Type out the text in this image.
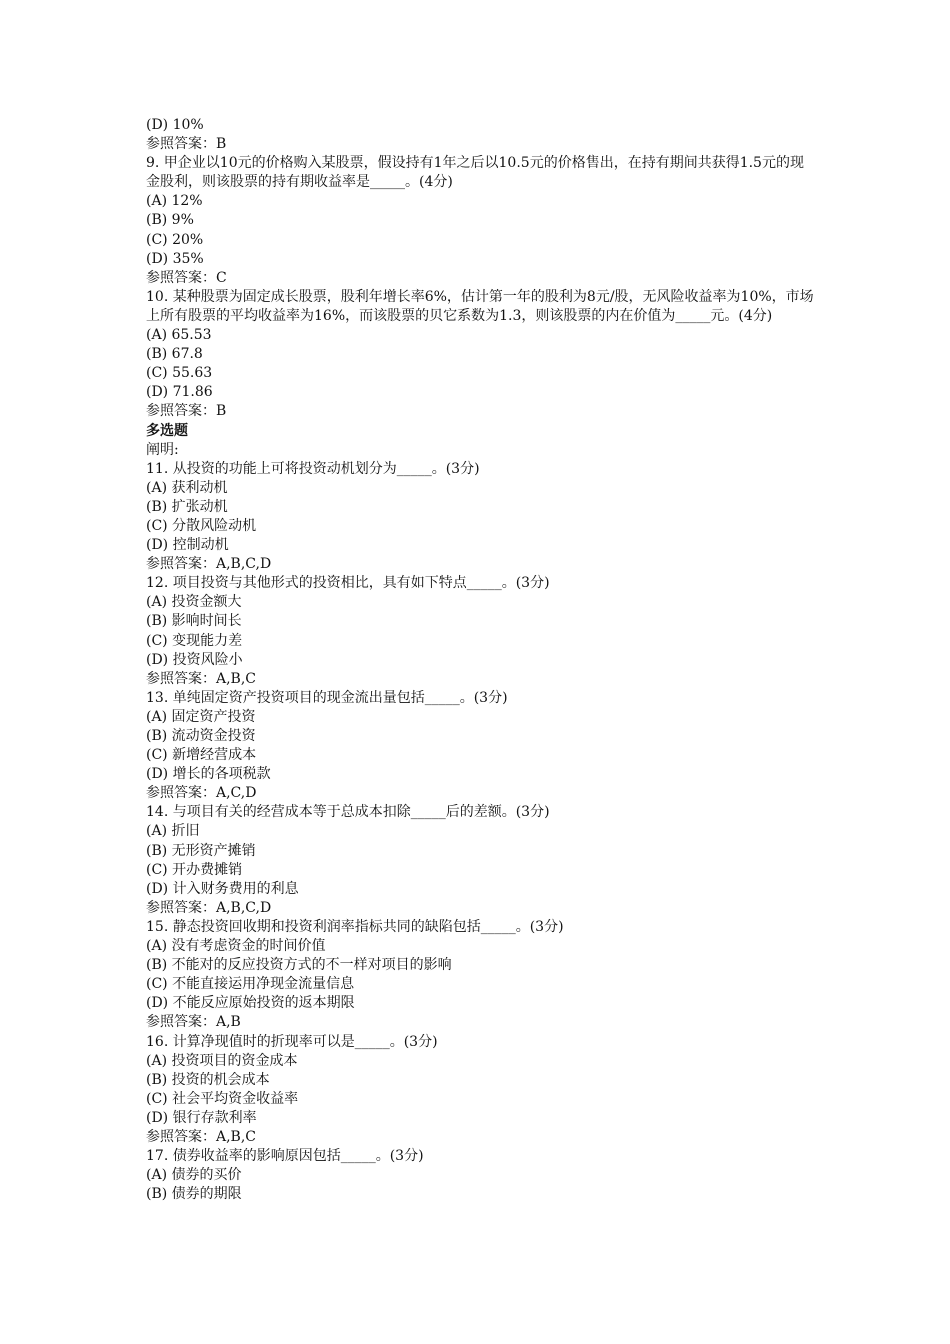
(D) 10%
参照答案：B
9. 甲企业以10元的价格购入某股票，假设持有1年之后以10.5元的价格售出，在持有期间共获得1.5元的现金股利，则该股票的持有期收益率是_____。(4分)
(A) 12%
(B) 9%
(C) 20%
(D) 35%
参照答案：C
10. 某种股票为固定成长股票，股利年增长率6%，估计第一年的股利为8元/股，无风险收益率为10%，市场上所有股票的平均收益率为16%，而该股票的贝它系数为1.3，则该股票的内在价值为_____元。(4分)
(A) 65.53
(B) 67.8
(C) 55.63
(D) 71.86
参照答案：B
多选题
阐明:
11. 从投资的功能上可将投资动机划分为_____。(3分)
(A) 获利动机
(B) 扩张动机
(C) 分散风险动机
(D) 控制动机
参照答案：A,B,C,D
12. 项目投资与其他形式的投资相比，具有如下特点_____。(3分)
(A) 投资金额大
(B) 影响时间长
(C) 变现能力差
(D) 投资风险小
参照答案：A,B,C
13. 单纯固定资产投资项目的现金流出量包括_____。(3分)
(A) 固定资产投资
(B) 流动资金投资
(C) 新增经营成本
(D) 增长的各项税款
参照答案：A,C,D
14. 与项目有关的经营成本等于总成本扣除_____后的差额。(3分)
(A) 折旧
(B) 无形资产摊销
(C) 开办费摊销
(D) 计入财务费用的利息
参照答案：A,B,C,D
15. 静态投资回收期和投资利润率指标共同的缺陷包括_____。(3分)
(A) 没有考虑资金的时间价值
(B) 不能对的反应投资方式的不一样对项目的影响
(C) 不能直接运用净现金流量信息
(D) 不能反应原始投资的返本期限
参照答案：A,B
16. 计算净现值时的折现率可以是_____。(3分)
(A) 投资项目的资金成本
(B) 投资的机会成本
(C) 社会平均资金收益率
(D) 银行存款利率
参照答案：A,B,C
17. 债券收益率的影响原因包括_____。(3分)
(A) 债券的买价
(B) 债券的期限
